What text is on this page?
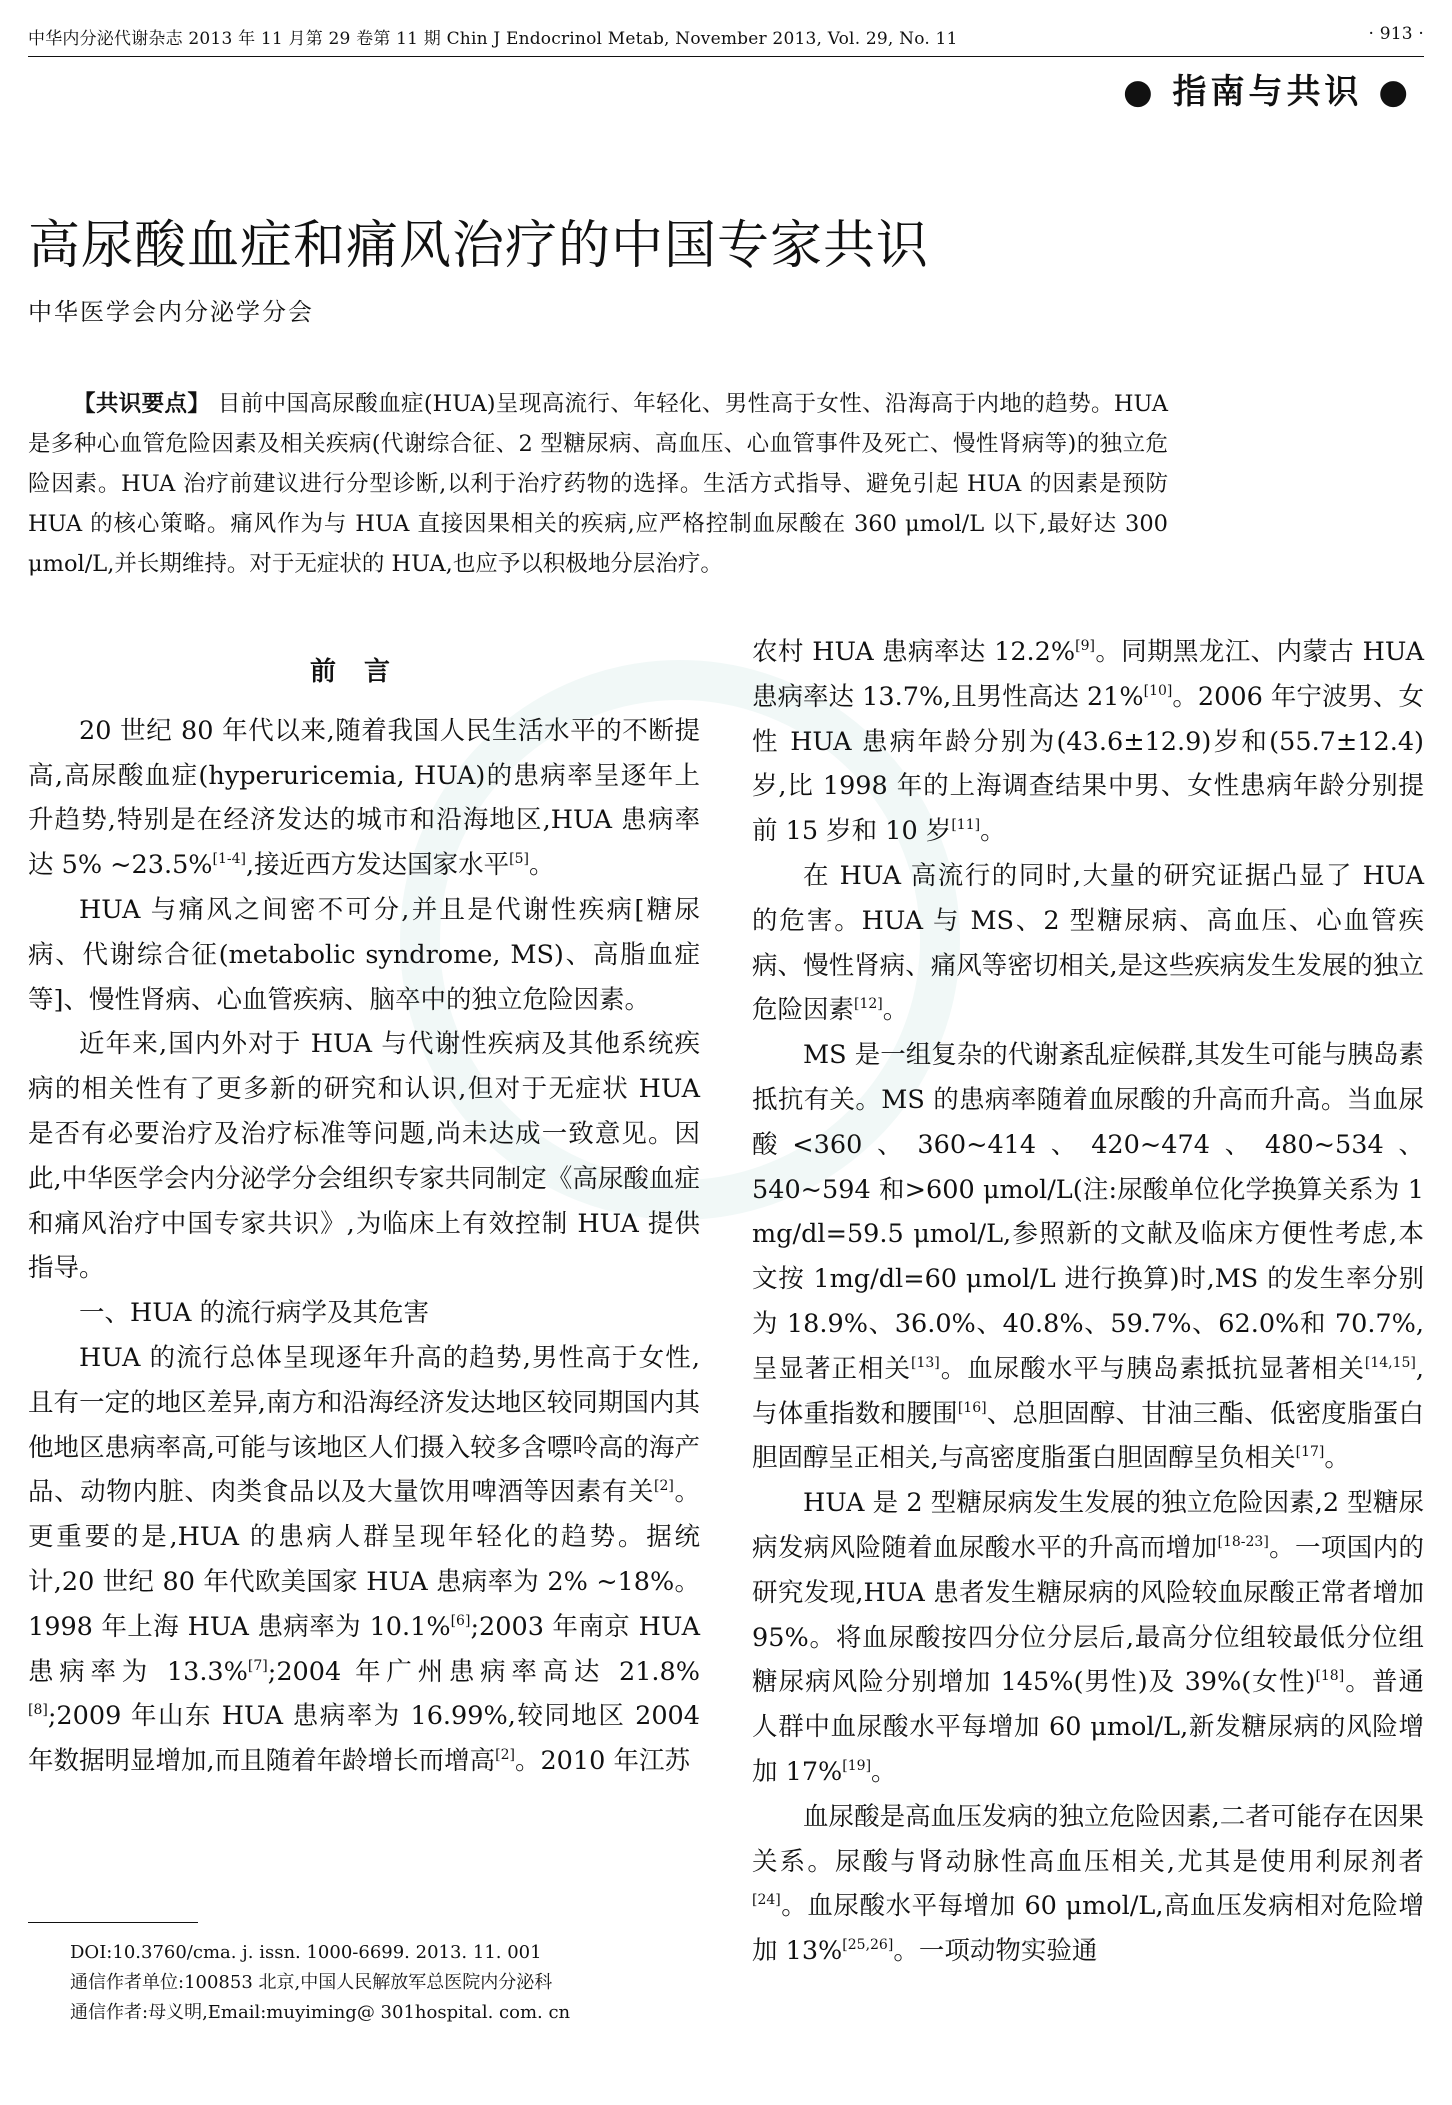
中华内分泌代谢杂志 2013 年 11 月第 29 卷第 11 期 Chin J Endocrinol Metab, November 2013, Vol. 29, No. 11	· 913 ·
● 指南与共识 ●
高尿酸血症和痛风治疗的中国专家共识
中华医学会内分泌学分会
【共识要点】 目前中国高尿酸血症(HUA)呈现高流行、年轻化、男性高于女性、沿海高于内地的趋势。HUA 是多种心血管危险因素及相关疾病(代谢综合征、2 型糖尿病、高血压、心血管事件及死亡、慢性肾病等)的独立危险因素。HUA 治疗前建议进行分型诊断,以利于治疗药物的选择。生活方式指导、避免引起 HUA 的因素是预防 HUA 的核心策略。痛风作为与 HUA 直接因果相关的疾病,应严格控制血尿酸在 360 μmol/L 以下,最好达 300 μmol/L,并长期维持。对于无症状的 HUA,也应予以积极地分层治疗。
前言

20 世纪 80 年代以来,随着我国人民生活水平的不断提高,高尿酸血症(hyperuricemia, HUA)的患病率呈逐年上升趋势,特别是在经济发达的城市和沿海地区,HUA 患病率达 5% ~23.5%[1-4],接近西方发达国家水平[5]。

HUA 与痛风之间密不可分,并且是代谢性疾病[糖尿病、代谢综合征(metabolic syndrome, MS)、高脂血症等]、慢性肾病、心血管疾病、脑卒中的独立危险因素。

近年来,国内外对于 HUA 与代谢性疾病及其他系统疾病的相关性有了更多新的研究和认识,但对于无症状 HUA 是否有必要治疗及治疗标准等问题,尚未达成一致意见。因此,中华医学会内分泌学分会组织专家共同制定《高尿酸血症和痛风治疗中国专家共识》,为临床上有效控制 HUA 提供指导。

一、HUA 的流行病学及其危害

HUA 的流行总体呈现逐年升高的趋势,男性高于女性,且有一定的地区差异,南方和沿海经济发达地区较同期国内其他地区患病率高,可能与该地区人们摄入较多含嘌呤高的海产品、动物内脏、肉类食品以及大量饮用啤酒等因素有关[2]。更重要的是,HUA 的患病人群呈现年轻化的趋势。据统计,20 世纪 80 年代欧美国家 HUA 患病率为 2% ~18%。1998 年上海 HUA 患病率为 10.1%[6];2003 年南京 HUA 患病率为 13.3%[7];2004 年广州患病率高达 21.8%[8];2009 年山东 HUA 患病率为 16.99%,较同地区 2004 年数据明显增加,而且随着年龄增长而增高[2]。2010 年江苏

农村 HUA 患病率达 12.2%[9]。同期黑龙江、内蒙古 HUA 患病率达 13.7%,且男性高达 21%[10]。2006 年宁波男、女性 HUA 患病年龄分别为(43.6±12.9)岁和(55.7±12.4)岁,比 1998 年的上海调查结果中男、女性患病年龄分别提前 15 岁和 10 岁[11]。

在 HUA 高流行的同时,大量的研究证据凸显了 HUA 的危害。HUA 与 MS、2 型糖尿病、高血压、心血管疾病、慢性肾病、痛风等密切相关,是这些疾病发生发展的独立危险因素[12]。

MS 是一组复杂的代谢紊乱症候群,其发生可能与胰岛素抵抗有关。MS 的患病率随着血尿酸的升高而升高。当血尿酸<360、360~414、420~474、480~534、540~594 和>600 μmol/L(注:尿酸单位化学换算关系为 1 mg/dl=59.5 μmol/L,参照新的文献及临床方便性考虑,本文按 1mg/dl=60 μmol/L 进行换算)时,MS 的发生率分别为 18.9%、36.0%、40.8%、59.7%、62.0%和 70.7%,呈显著正相关[13]。血尿酸水平与胰岛素抵抗显著相关[14,15],与体重指数和腰围[16]、总胆固醇、甘油三酯、低密度脂蛋白胆固醇呈正相关,与高密度脂蛋白胆固醇呈负相关[17]。

HUA 是 2 型糖尿病发生发展的独立危险因素,2 型糖尿病发病风险随着血尿酸水平的升高而增加[18-23]。一项国内的研究发现,HUA 患者发生糖尿病的风险较血尿酸正常者增加 95%。将血尿酸按四分位分层后,最高分位组较最低分位组糖尿病风险分别增加 145%(男性)及 39%(女性)[18]。普通人群中血尿酸水平每增加 60 μmol/L,新发糖尿病的风险增加 17%[19]。

血尿酸是高血压发病的独立危险因素,二者可能存在因果关系。尿酸与肾动脉性高血压相关,尤其是使用利尿剂者[24]。血尿酸水平每增加 60 μmol/L,高血压发病相对危险增加 13%[25,26]。一项动物实验通

DOI:10.3760/cma. j. issn. 1000-6699. 2013. 11. 001
通信作者单位:100853 北京,中国人民解放军总医院内分泌科
通信作者:母义明,Email:muyiming@ 301hospital. com. cn
